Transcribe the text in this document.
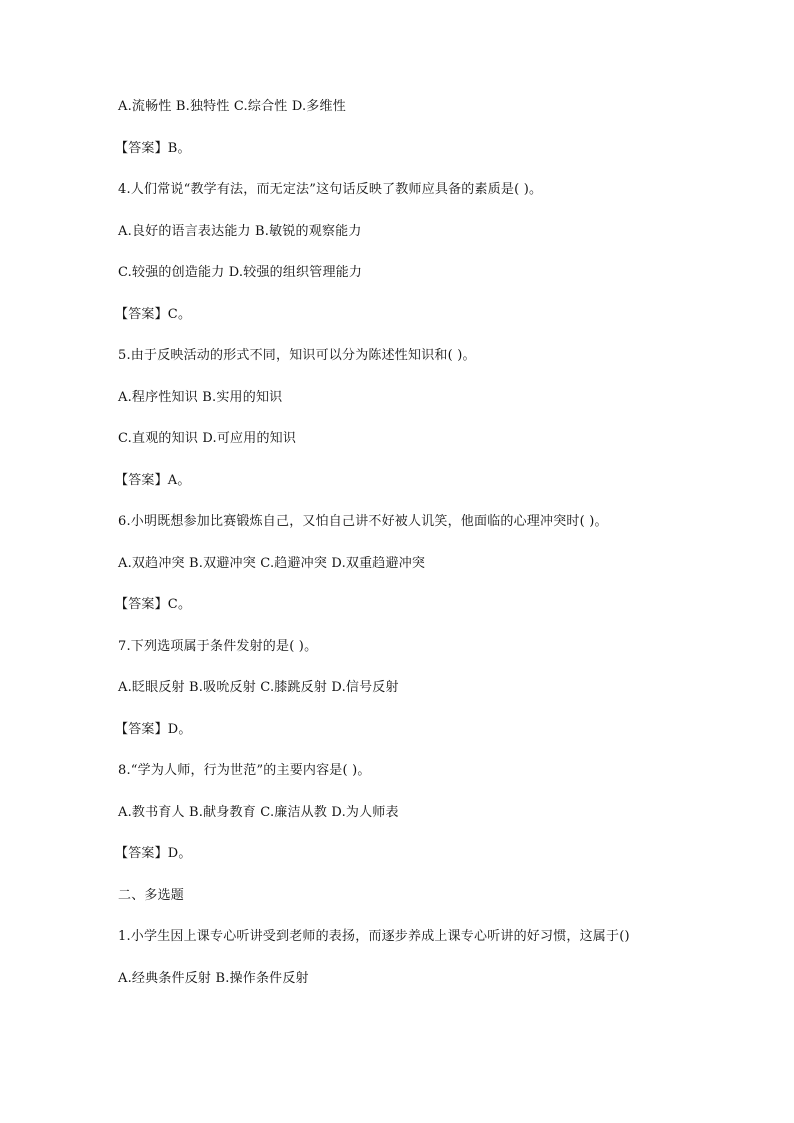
A.流畅性 B.独特性 C.综合性 D.多维性
【答案】B。
4.人们常说“教学有法，而无定法”这句话反映了教师应具备的素质是( )。
A.良好的语言表达能力 B.敏锐的观察能力
C.较强的创造能力 D.较强的组织管理能力
【答案】C。
5.由于反映活动的形式不同，知识可以分为陈述性知识和( )。
A.程序性知识 B.实用的知识
C.直观的知识 D.可应用的知识
【答案】A。
6.小明既想参加比赛锻炼自己，又怕自己讲不好被人讥笑，他面临的心理冲突时( )。
A.双趋冲突 B.双避冲突 C.趋避冲突 D.双重趋避冲突
【答案】C。
7.下列选项属于条件发射的是( )。
A.眨眼反射 B.吸吮反射 C.膝跳反射 D.信号反射
【答案】D。
8.“学为人师，行为世范”的主要内容是( )。
A.教书育人 B.献身教育 C.廉洁从教 D.为人师表
【答案】D。
二、多选题
1.小学生因上课专心听讲受到老师的表扬，而逐步养成上课专心听讲的好习惯，这属于()
A.经典条件反射 B.操作条件反射
